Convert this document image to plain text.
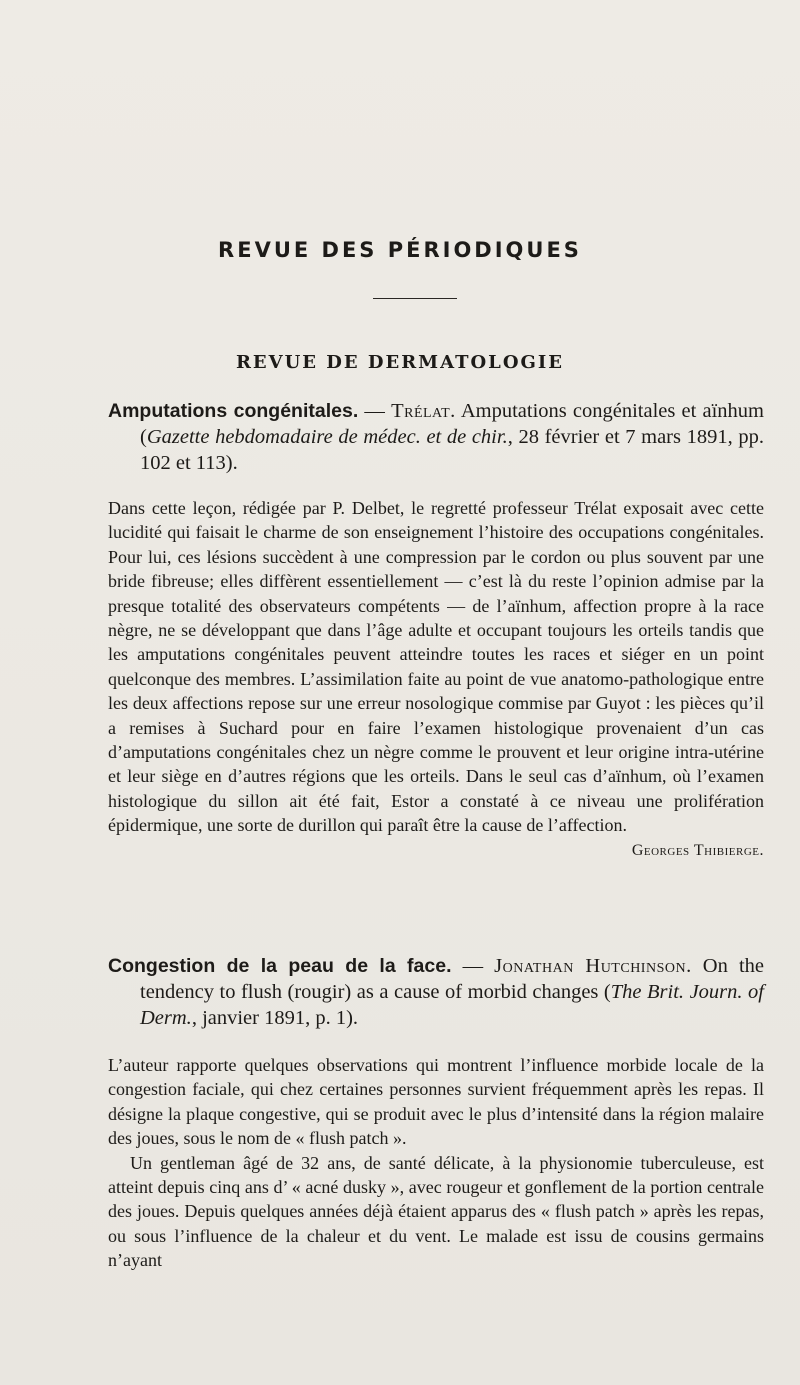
REVUE DES PÉRIODIQUES
REVUE DE DERMATOLOGIE
Amputations congénitales. — Trélat. Amputations congénitales et aïnhum (Gazette hebdomadaire de médec. et de chir., 28 février et 7 mars 1891, pp. 102 et 113).

Dans cette leçon, rédigée par P. Delbet, le regretté professeur Trélat exposait avec cette lucidité qui faisait le charme de son enseignement l’histoire des occupations congénitales. Pour lui, ces lésions succèdent à une compression par le cordon ou plus souvent par une bride fibreuse; elles diffèrent essentiellement — c’est là du reste l’opinion admise par la presque totalité des observateurs compétents — de l’aïnhum, affection propre à la race nègre, ne se développant que dans l’âge adulte et occupant toujours les orteils tandis que les amputations congénitales peuvent atteindre toutes les races et siéger en un point quelconque des membres. L’assimilation faite au point de vue anatomo-pathologique entre les deux affections repose sur une erreur nosologique commise par Guyot : les pièces qu’il a remises à Suchard pour en faire l’examen histologique provenaient d’un cas d’amputations congénitales chez un nègre comme le prouvent et leur origine intra-utérine et leur siège en d’autres régions que les orteils. Dans le seul cas d’aïnhum, où l’examen histologique du sillon ait été fait, Estor a constaté à ce niveau une prolifération épidermique, une sorte de durillon qui paraît être la cause de l’affection.

Georges Thibierge.
Congestion de la peau de la face. — Jonathan Hutchinson. On the tendency to flush (rougir) as a cause of morbid changes (The Brit. Journ. of Derm., janvier 1891, p. 1).

L’auteur rapporte quelques observations qui montrent l’influence morbide locale de la congestion faciale, qui chez certaines personnes survient fréquemment après les repas. Il désigne la plaque congestive, qui se produit avec le plus d’intensité dans la région malaire des joues, sous le nom de « flush patch ».

Un gentleman âgé de 32 ans, de santé délicate, à la physionomie tuberculeuse, est atteint depuis cinq ans d’ « acné dusky », avec rougeur et gonflement de la portion centrale des joues. Depuis quelques années déjà étaient apparus des « flush patch » après les repas, ou sous l’influence de la chaleur et du vent. Le malade est issu de cousins germains n’ayant
